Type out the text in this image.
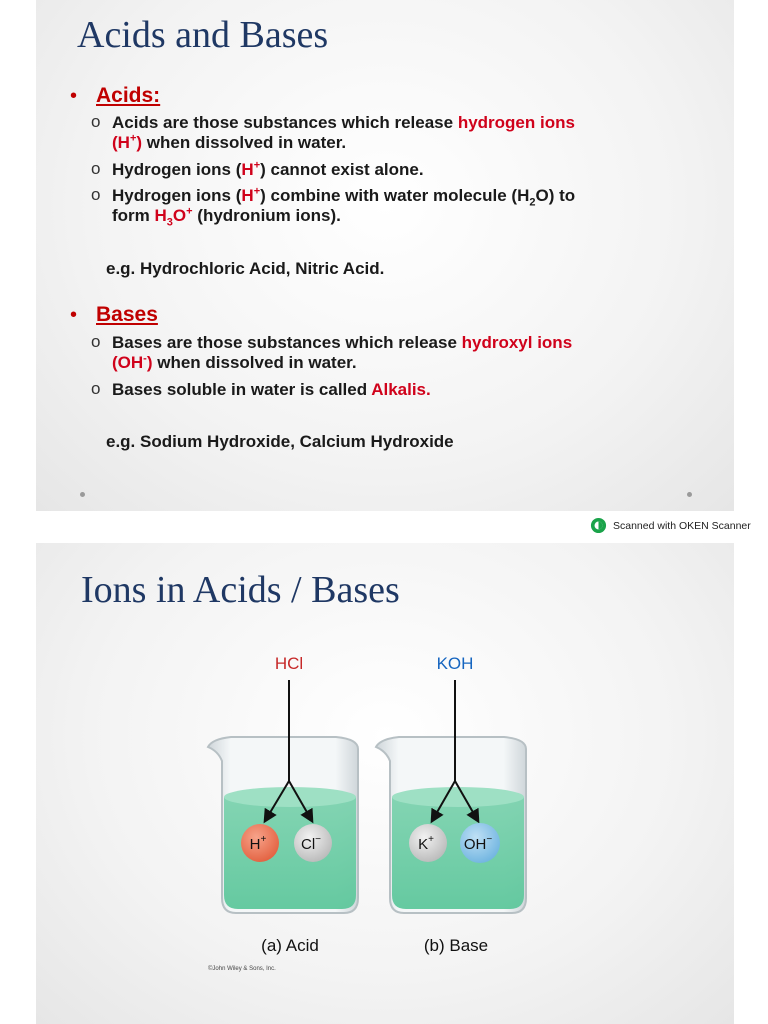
Acids and Bases
• Acids:
o Acids are those substances which release hydrogen ions
(H+) when dissolved in water.
o Hydrogen ions (H+) cannot exist alone.
o Hydrogen ions (H+) combine with water molecule $(H_2O)$ to
form $H_3O^+$ (hydronium ions).
e.g. Hydrochloric Acid, Nitric Acid.
• Bases
o Bases are those substances which release hydroxyl ions
(OH-) when dissolved in water.
o Bases soluble in water is called Alkalis.
e.g. Sodium Hydroxide, Calcium Hydroxide
Scanned with OKEN Scanner
Ions in Acids / Bases
HCl	KOH
H+ Cl−	K+ OH−
(a) Acid	(b) Base
©John Wiley & Sons, Inc.
